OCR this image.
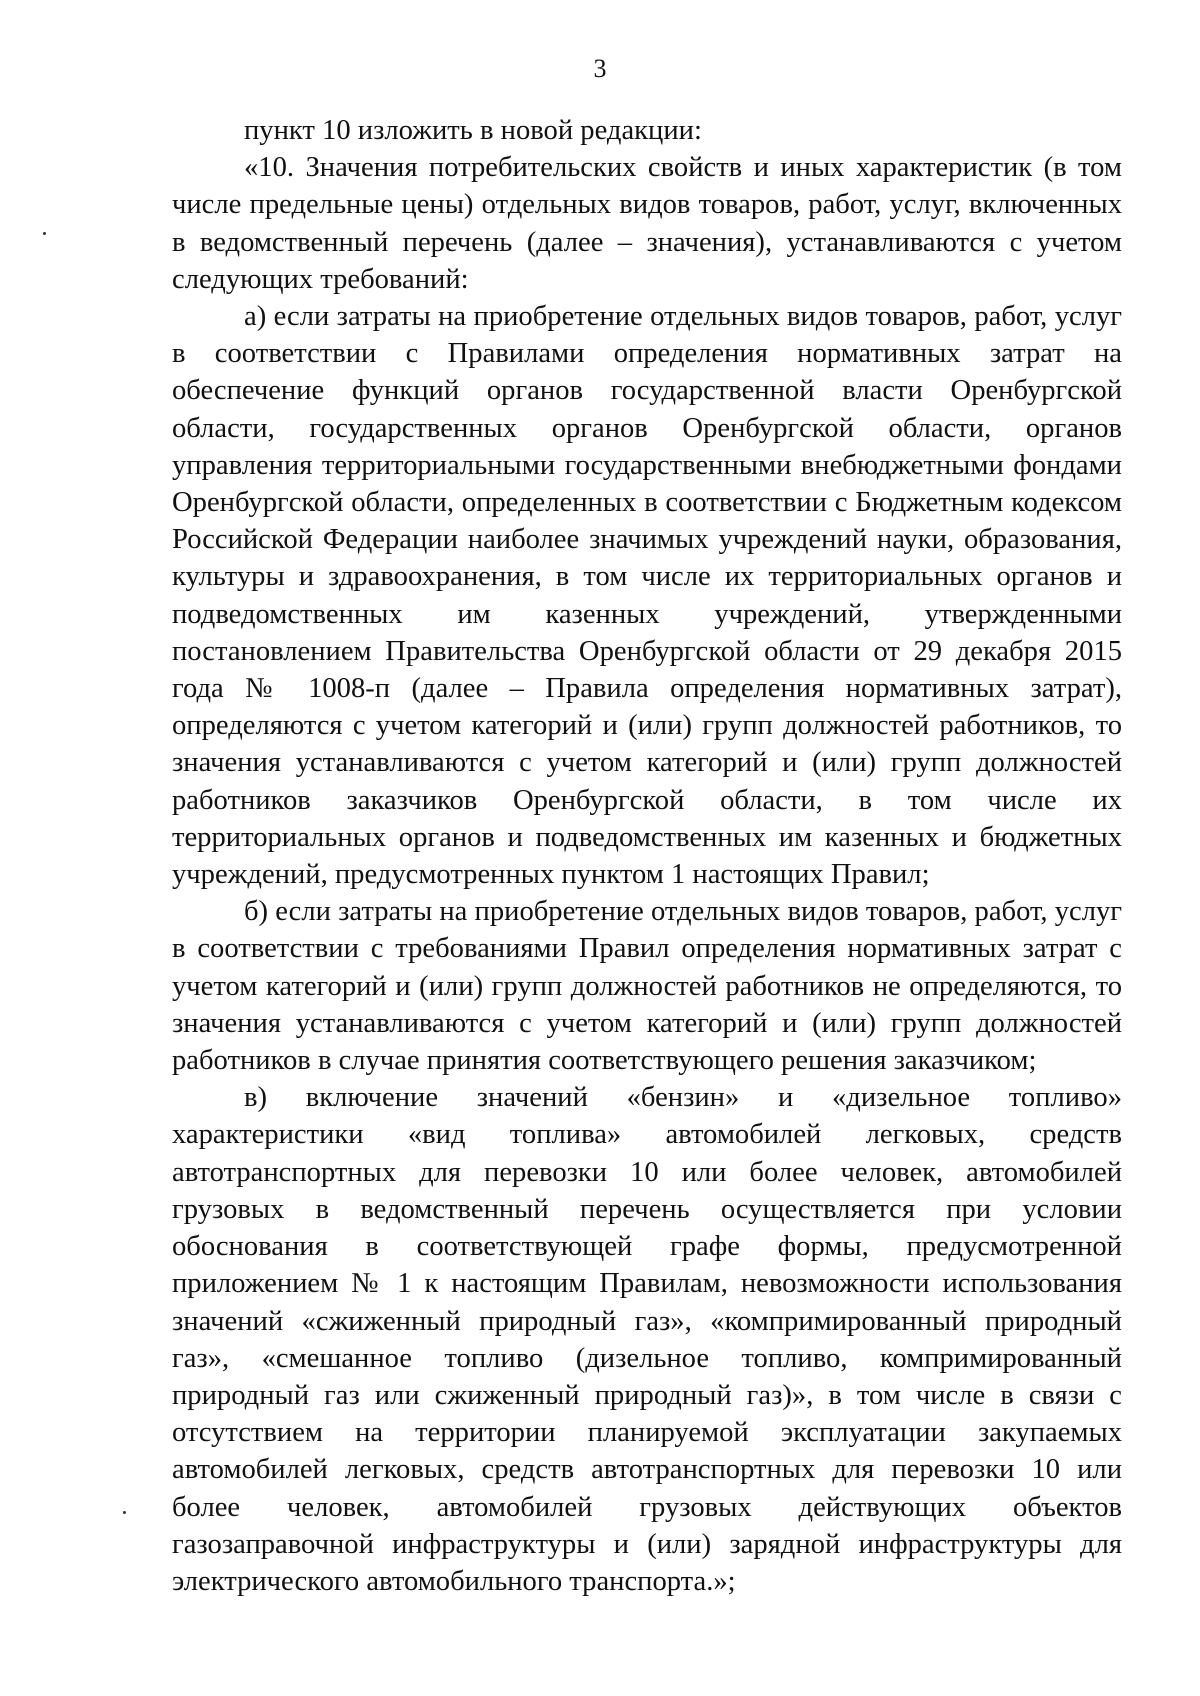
3

пункт 10 изложить в новой редакции:

«10. Значения потребительских свойств и иных характеристик (в том числе предельные цены) отдельных видов товаров, работ, услуг, включенных в ведомственный перечень (далее – значения), устанавливаются с учетом следующих требований:

а) если затраты на приобретение отдельных видов товаров, работ, услуг в соответствии с Правилами определения нормативных затрат на обеспечение функций органов государственной власти Оренбургской области, государственных органов Оренбургской области, органов управления территориальными государственными внебюджетными фондами Оренбургской области, определенных в соответствии с Бюджетным кодексом Российской Федерации наиболее значимых учреждений науки, образования, культуры и здравоохранения, в том числе их территориальных органов и подведомственных им казенных учреждений, утвержденными постановлением Правительства Оренбургской области от 29 декабря 2015 года № 1008-п (далее – Правила определения нормативных затрат), определяются с учетом категорий и (или) групп должностей работников, то значения устанавливаются с учетом категорий и (или) групп должностей работников заказчиков Оренбургской области, в том числе их территориальных органов и подведомственных им казенных и бюджетных учреждений, предусмотренных пунктом 1 настоящих Правил;

б) если затраты на приобретение отдельных видов товаров, работ, услуг в соответствии с требованиями Правил определения нормативных затрат с учетом категорий и (или) групп должностей работников не определяются, то значения устанавливаются с учетом категорий и (или) групп должностей работников в случае принятия соответствующего решения заказчиком;

в) включение значений «бензин» и «дизельное топливо» характеристики «вид топлива» автомобилей легковых, средств автотранспортных для перевозки 10 или более человек, автомобилей грузовых в ведомственный перечень осуществляется при условии обоснования в соответствующей графе формы, предусмотренной приложением № 1 к настоящим Правилам, невозможности использования значений «сжиженный природный газ», «компримированный природный газ», «смешанное топливо (дизельное топливо, компримированный природный газ или сжиженный природный газ)», в том числе в связи с отсутствием на территории планируемой эксплуатации закупаемых автомобилей легковых, средств автотранспортных для перевозки 10 или более человек, автомобилей грузовых действующих объектов газозаправочной инфраструктуры и (или) зарядной инфраструктуры для электрического автомобильного транспорта.»;
